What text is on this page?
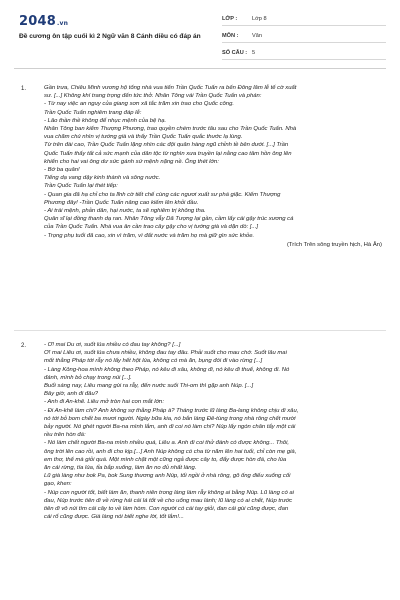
2048.vn
Đề cương ôn tập cuối kì 2 Ngữ văn 8 Cánh diều có đáp án
LỚP :	Lớp 8
MÔN :	Văn
SỐ CÂU : 5
1.	Gần trưa, Chiêu Minh vương hộ tống nhà vua tiến Trần Quốc Tuấn ra bến Đông lâm lễ tế cờ xuất

sư. [...] Không khí trang trọng đến tức thở. Nhân Tông vái Trần Quốc Tuấn và phán:

- Từ nay việc an nguy của giang sơn xã tắc trăm xin trao cho Quốc công.

Trần Quốc Tuấn nghiêm trang đáp lễ:

- Lão thần thề không để nhục mệnh của bệ hạ.

Nhân Tông ban kiếm Thượng Phương, trao quyền chém trước tâu sau cho Trần Quốc Tuấn. Nhà

vua chăm chú nhìn vị tướng già và thấy Trần Quốc Tuấn quắc thước lạ lùng.

Từ trên đài cao, Trần Quốc Tuấn lặng nhìn các đội quân hàng ngũ chỉnh tề bên dưới. [...] Trần

Quốc Tuấn thấy tất cả sức mạnh của dân tộc từ nghìn xưa truyền lại nằng cao tâm hồn ông lên

khiến cho hai vai ông dư sức gánh sứ mệnh nặng nề. Ông thét lớn:

- Bớ ba quân!

Tiếng dạ vang dậy kinh thành và sông nước.

Trần Quốc Tuấn lại thét tiếp:

- Quan gia đã hạ chỉ cho ta lĩnh cờ tiết chế cùng các ngươi xuất sư phá giặc. Kiếm Thượng

Phương đây! -Trần Quốc Tuấn nâng cao kiếm lên khỏi đầu.

- Ai trái mệnh, phản dân, hại nước, ta sẽ nghiêm trị không tha.

Quân sĩ lại đồng thanh dạ ran. Nhân Tông vẫy Dã Tượng lại gần, cầm lấy cái gậy trúc xương cá

của Trần Quốc Tuấn. Nhà vua ân cần trao cây gậy cho vị tướng già và dặn dò: [...]

- Trọng phụ tuổi đã cao, xin vì trăm, vì đất nước và trăm họ mà giữ gìn sức khỏe.

(Trích Trên sông truyền hịch, Hà Ân)

2.	- Ơ! mai Du ơi, suốt lúa nhiều có đau tay không? [...]

Ơ! mai Liêu ơi, suốt lúa chưa nhiều, không đau tay đâu. Phải suốt cho mau chớ. Suốt lâu mai

mốt thằng Pháp tới rẫy nó lấy hết hột lúa, không có mà ăn, bụng đói đi vào rừng [...]

- Làng Kông-hoa mình không theo Pháp, nó kêu đi xâu, không đi, nó kêu đi thuế, không đi. Nó

đánh, mình bỏ chạy trong núi [...].

Buổi sáng nay, Liêu mang gùi ra rẫy, đến nước suối Thi-om thì gặp anh Núp. [...]

Bây giờ, anh đi đâu?

- Anh đi An-khê. Liêu mở tròn hai con mắt lớn:

- Đi An-khê làm chi? Anh không sợ thằng Pháp à? Tháng trước lũ làng Ba-lang không chịu đi xâu,

nó tới bỏ bom chết ba mươi người. Ngày bữa kia, nó bắn làng Đê-tùng trong nhà rông chết mười

bảy người. Nó ghét người Ba-na mình lắm, anh đi coi nó làm chi? Núp lấy ngón chân tẩy một cái

rều trên hòn đá:

- Nó làm chết người Ba-na mình nhiều quá, Liêu a. Anh đi coi thử đánh có được không... Thôi,

ông trời lên cao rồi, anh đi cho kịp.[...] Anh Núp không có cha từ năm lên hai tuổi, chỉ còn mẹ già,

em thơ, thế mà giỏi quá. Một mình chặt một cũng ngả được cây to, đẩy được hòn đá, cho lúa

ăn cái rừng, tía lúa, tỉa bắp xuống, làm ăn no đủ nhất làng.

Lũ già làng như bok Pa, bok Sung thương anh Núp, tối ngồi ở nhà rông, gõ ống điếu xuống cối

gạo, khen:

- Núp con người tốt, biết làm ăn, thanh niên trong làng làm rẫy không ai bằng Núp. Lũ làng có ai

đau, Núp trước tiên đi về rừng hái cái lá tốt về cho uống mau lành; lũ làng có ai chết, Núp trước

tiên đi vô núi tìm cái cây to về làm hòm. Con người có cái tay giỏi, đan cái gùi cũng được, đan

cái rổ cũng được. Già làng nói biết nghe lời, tốt lắm!...
